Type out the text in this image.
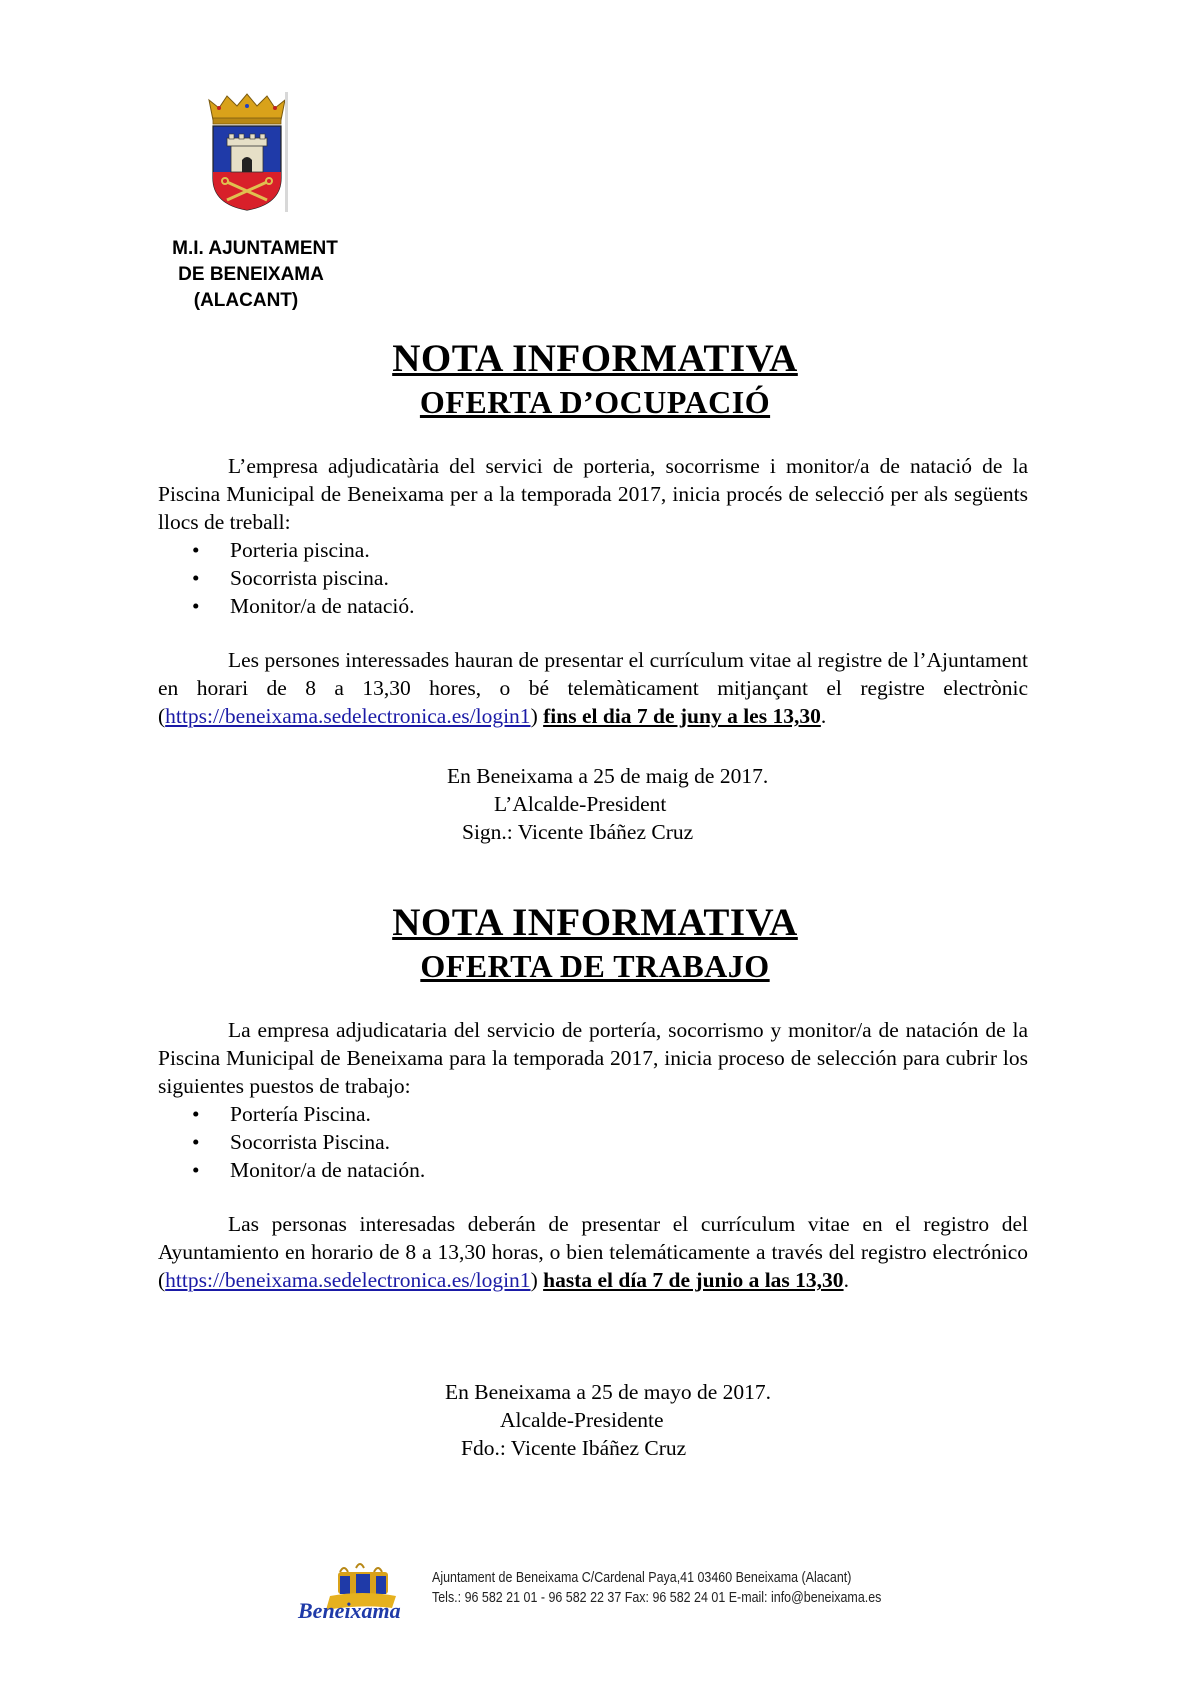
M.I. AJUNTAMENT
DE BENEIXAMA
(ALACANT)
NOTA INFORMATIVA
OFERTA D’OCUPACIÓ

L’empresa adjudicatària del servici de porteria, socorrisme i monitor/a de natació de la Piscina Municipal de Beneixama per a la temporada 2017, inicia procés de selecció per als següents llocs de treball:

• Porteria piscina.
• Socorrista piscina.
• Monitor/a de natació.

Les persones interessades hauran de presentar el currículum vitae al registre de l’Ajuntament en horari de 8 a 13,30 hores, o bé telemàticament mitjançant el registre electrònic (https://beneixama.sedelectronica.es/login1) fins el dia 7 de juny a les 13,30.

En Beneixama a 25 de maig de 2017.
L’Alcalde-President
Sign.: Vicente Ibáñez Cruz
NOTA INFORMATIVA
OFERTA DE TRABAJO

La empresa adjudicataria del servicio de portería, socorrismo y monitor/a de natación de la Piscina Municipal de Beneixama para la temporada 2017, inicia proceso de selección para cubrir los siguientes puestos de trabajo:

• Portería Piscina.
• Socorrista Piscina.
• Monitor/a de natación.

Las personas interesadas deberán de presentar el currículum vitae en el registro del Ayuntamiento en horario de 8 a 13,30 horas, o bien telemáticamente a través del registro electrónico (https://beneixama.sedelectronica.es/login1) hasta el día 7 de junio a las 13,30.

En Beneixama a 25 de mayo de 2017.
Alcalde-Presidente
Fdo.: Vicente Ibáñez Cruz
Beneixama
Ajuntament de Beneixama C/Cardenal Paya,41 03460 Beneixama (Alacant)
Tels.: 96 582 21 01 - 96 582 22 37 Fax: 96 582 24 01 E-mail: info@beneixama.es
